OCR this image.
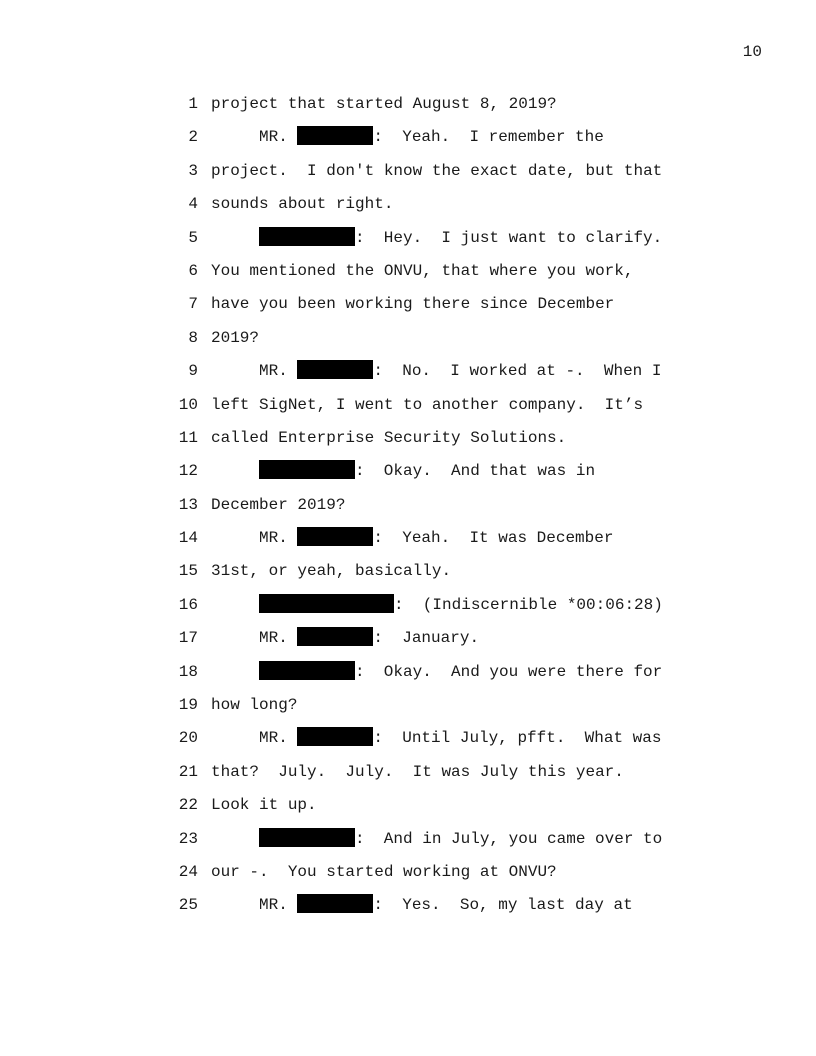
10

1

project that started August 8, 2019?

2

	MR.	:  Yeah.  I remember the

3

project.  I don't know the exact date, but that

4

sounds about right.

5

	:  Hey.  I just want to clarify.

6

You mentioned the ONVU, that where you work,

7

have you been working there since December

8

2019?

9

	MR.	:  No.  I worked at -.  When I

10

left SigNet, I went to another company.  It’s

11

called Enterprise Security Solutions.

12

	:  Okay.  And that was in

13

December 2019?

14

	MR.	:  Yeah.  It was December

15

31st, or yeah, basically.

16

	:  (Indiscernible *00:06:28)

17

	MR.	:  January.

18

	:  Okay.  And you were there for

19

how long?

20

	MR.	:  Until July, pfft.  What was

21

that?  July.  July.  It was July this year.

22

Look it up.

23

	:  And in July, you came over to

24

our -.  You started working at ONVU?

25

	MR.	:  Yes.  So, my last day at
